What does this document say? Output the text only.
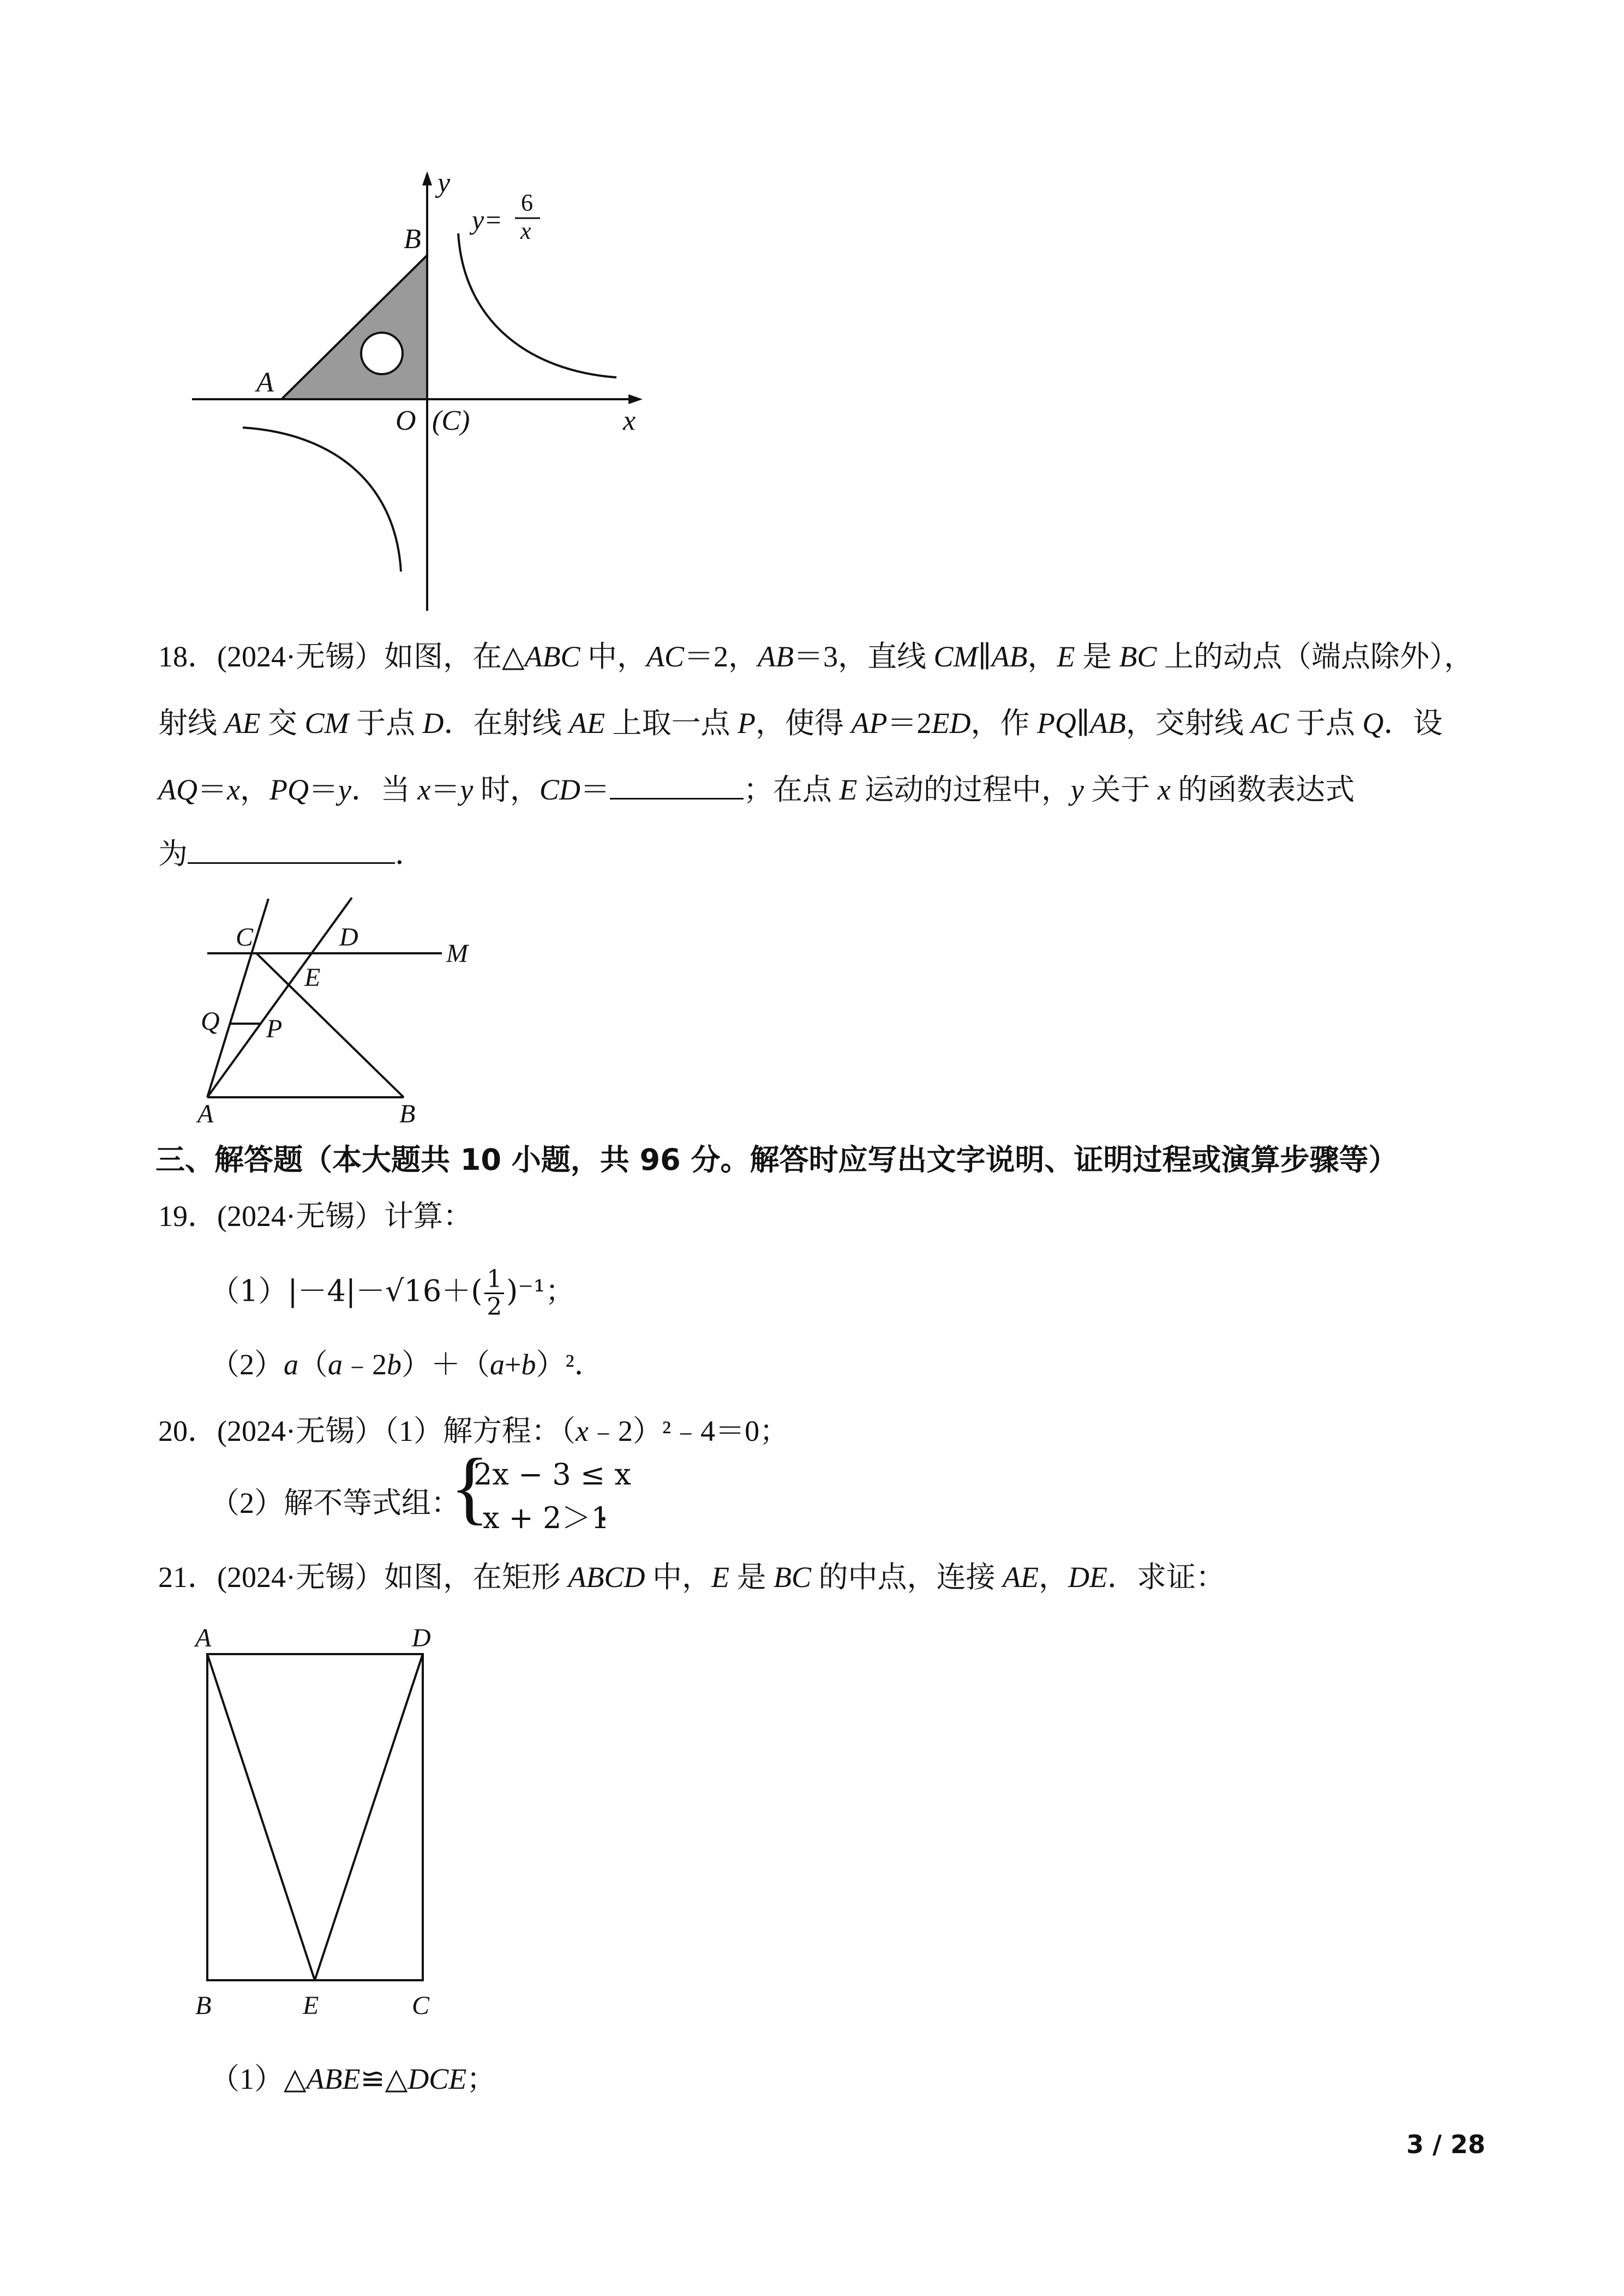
y
x
y=
6
x
B
A
O (C)
18．(2024·无锡）如图，在△ABC 中，AC＝2，AB＝3，直线 CM∥AB，E 是 BC 上的动点（端点除外），
射线 AE 交 CM 于点 D．在射线 AE 上取一点 P，使得 AP＝2ED，作 PQ∥AB，交射线 AC 于点 Q．设
AQ＝x，PQ＝y．当 x＝y 时，CD＝	；在点 E 运动的过程中，y 关于 x 的函数表达式
为	．
C	D
M
E
Q P
A	B
三、解答题（本大题共 10 小题，共 96 分。解答时应写出文字说明、证明过程或演算步骤等）
19．(2024·无锡）计算：
$(1)|-4|-√16+( \frac{1}{2} )^{-1}$；
（2）a（a﹣2b）＋（a+b）²．
20．(2024·无锡）（1）解方程：（x﹣2）²﹣4＝0；
（2）解不等式组：
{
2x − 3 ≤ x
x + 2＞1
．
21．(2024·无锡）如图，在矩形 ABCD 中，E 是 BC 的中点，连接 AE，DE．求证：
A	D
B	E	C
（1）△ABE≌△DCE；
3 / 28
